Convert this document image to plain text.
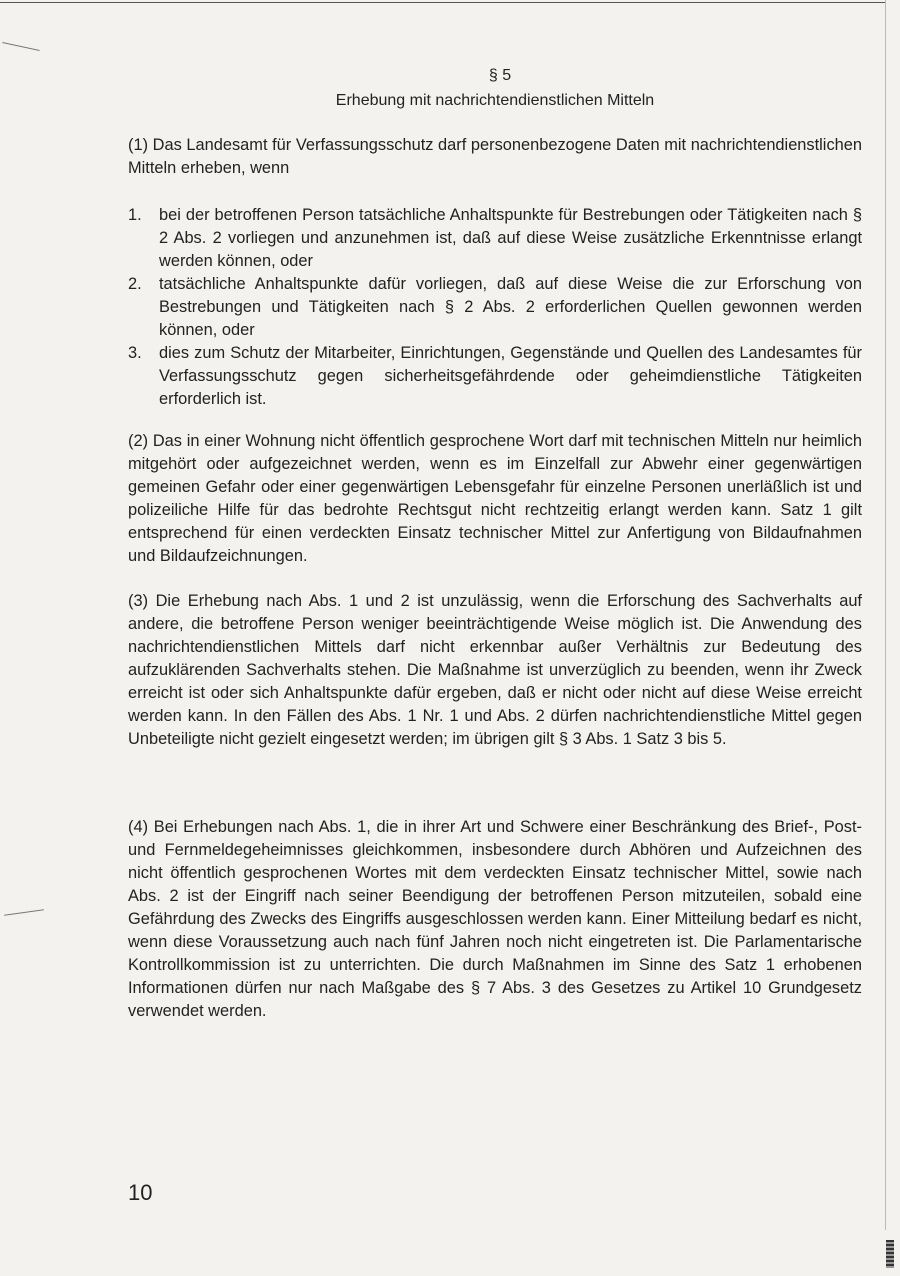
§ 5
Erhebung mit nachrichtendienstlichen Mitteln

(1) Das Landesamt für Verfassungsschutz darf personenbezogene Daten mit nachrichtendienstlichen Mitteln erheben, wenn

1. bei der betroffenen Person tatsächliche Anhaltspunkte für Bestrebungen oder Tätigkeiten nach § 2 Abs. 2 vorliegen und anzunehmen ist, daß auf diese Weise zusätzliche Erkenntnisse erlangt werden können, oder
2. tatsächliche Anhaltspunkte dafür vorliegen, daß auf diese Weise die zur Erforschung von Bestrebungen und Tätigkeiten nach § 2 Abs. 2 erforderlichen Quellen gewonnen werden können, oder
3. dies zum Schutz der Mitarbeiter, Einrichtungen, Gegenstände und Quellen des Landesamtes für Verfassungsschutz gegen sicherheitsgefährdende oder geheimdienstliche Tätigkeiten erforderlich ist.

(2) Das in einer Wohnung nicht öffentlich gesprochene Wort darf mit technischen Mitteln nur heimlich mitgehört oder aufgezeichnet werden, wenn es im Einzelfall zur Abwehr einer gegenwärtigen gemeinen Gefahr oder einer gegenwärtigen Lebensgefahr für einzelne Personen unerläßlich ist und polizeiliche Hilfe für das bedrohte Rechtsgut nicht rechtzeitig erlangt werden kann. Satz 1 gilt entsprechend für einen verdeckten Einsatz technischer Mittel zur Anfertigung von Bildaufnahmen und Bildaufzeichnungen.

(3) Die Erhebung nach Abs. 1 und 2 ist unzulässig, wenn die Erforschung des Sachverhalts auf andere, die betroffene Person weniger beeinträchtigende Weise möglich ist. Die Anwendung des nachrichtendienstlichen Mittels darf nicht erkennbar außer Verhältnis zur Bedeutung des aufzuklärenden Sachverhalts stehen. Die Maßnahme ist unverzüglich zu beenden, wenn ihr Zweck erreicht ist oder sich Anhaltspunkte dafür ergeben, daß er nicht oder nicht auf diese Weise erreicht werden kann. In den Fällen des Abs. 1 Nr. 1 und Abs. 2 dürfen nachrichtendienstliche Mittel gegen Unbeteiligte nicht gezielt eingesetzt werden; im übrigen gilt § 3 Abs. 1 Satz 3 bis 5.

(4) Bei Erhebungen nach Abs. 1, die in ihrer Art und Schwere einer Beschränkung des Brief-, Post- und Fernmeldegeheimnisses gleichkommen, insbesondere durch Abhören und Aufzeichnen des nicht öffentlich gesprochenen Wortes mit dem verdeckten Einsatz technischer Mittel, sowie nach Abs. 2 ist der Eingriff nach seiner Beendigung der betroffenen Person mitzuteilen, sobald eine Gefährdung des Zwecks des Eingriffs ausgeschlossen werden kann. Einer Mitteilung bedarf es nicht, wenn diese Voraussetzung auch nach fünf Jahren noch nicht eingetreten ist. Die Parlamentarische Kontrollkommission ist zu unterrichten. Die durch Maßnahmen im Sinne des Satz 1 erhobenen Informationen dürfen nur nach Maßgabe des § 7 Abs. 3 des Gesetzes zu Artikel 10 Grundgesetz verwendet werden.

10
